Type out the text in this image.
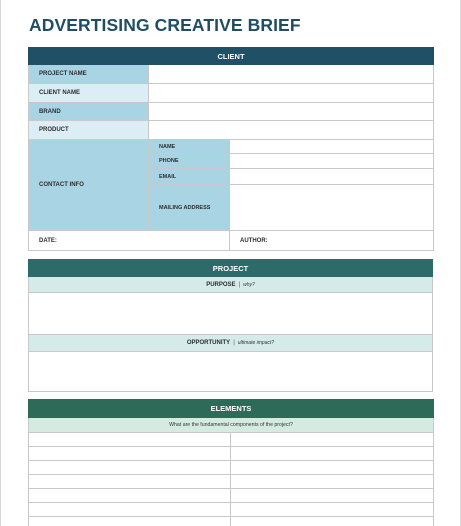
ADVERTISING CREATIVE BRIEF
CLIENT		
PROJECT NAME		
CLIENT NAME		
BRAND		
PRODUCT		
CONTACT INFO	NAME	
	PHONE	
	EMAIL	
	MAILING ADDRESS	
DATE:		AUTHOR:
PROJECT
PURPOSE | why?

OPPORTUNITY | ultimate impact?

ELEMENTS	
What are the fundamental components of the project?	
